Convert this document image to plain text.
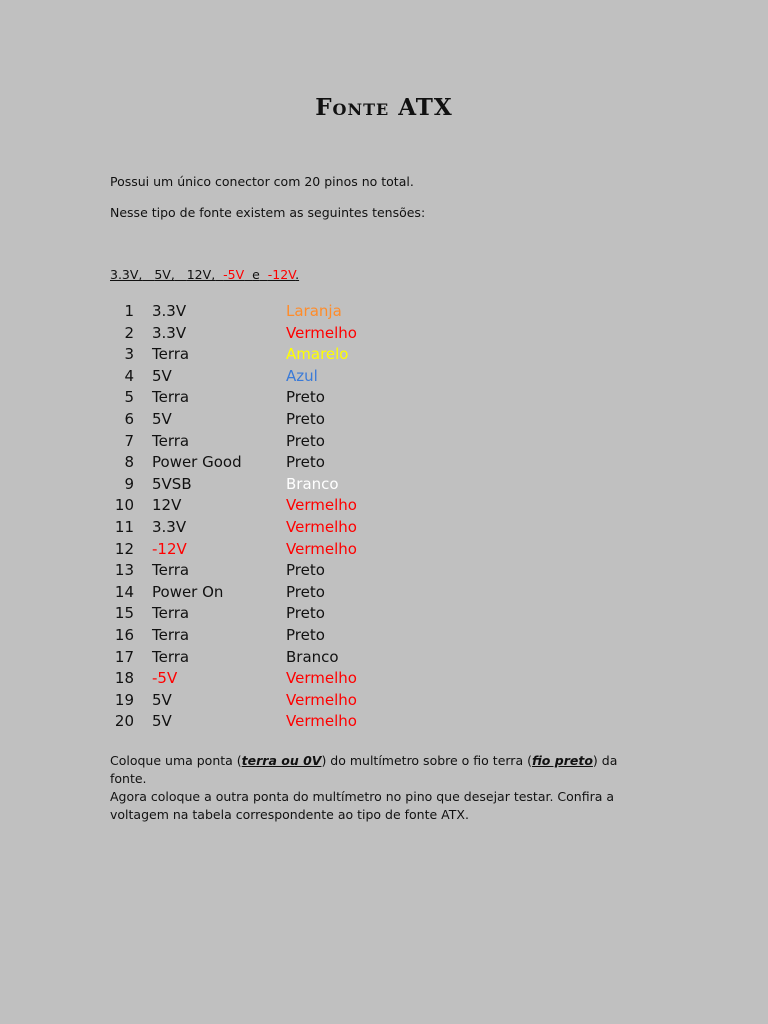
Fonte ATX
Possui um único conector com 20 pinos no total.
Nesse tipo de fonte existem as seguintes tensões:
3.3V, 5V, 12V, -5V e -12V.
1 3.3V	Laranja
2 3.3V	Vermelho
3 Terra	Amarelo
4 5V	Azul
5 Terra	Preto
6 5V	Preto
7 Terra	Preto
8 Power Good	Preto
9 5VSB	Branco
10 12V	Vermelho
11 3.3V	Vermelho
12 -12V	Vermelho
13 Terra	Preto
14 Power On	Preto
15 Terra	Preto
16 Terra	Preto
17 Terra	Branco
18 -5V	Vermelho
19 5V	Vermelho
20 5V	Vermelho
Coloque uma ponta (terra ou 0V) do multímetro sobre o fio terra (fio preto) da fonte.
Agora coloque a outra ponta do multímetro no pino que desejar testar. Confira a voltagem na tabela correspondente ao tipo de fonte ATX.
